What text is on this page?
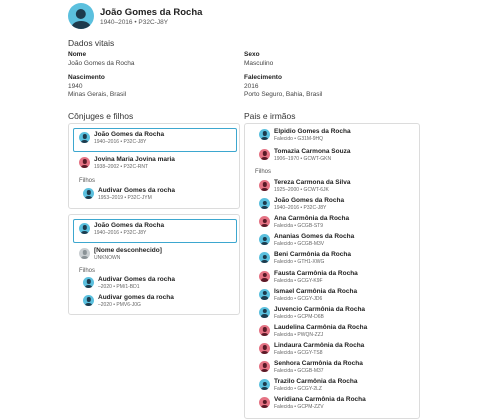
João Gomes da Rocha
1940–2016 • P32C-J8Y
Dados vitais
Nome
João Gomes da Rocha
Sexo
Masculino
Nascimento
1940
Minas Gerais, Brasil
Falecimento
2016
Porto Seguro, Bahia, Brasil
Cônjuges e filhos
João Gomes da Rocha
1940–2016 • P32C-J8Y
Jovina Maria Jovina maria
1938–2002 • P32C-RNT
Filhos
Audivar Gomes da rocha
1953–2019 • P32C-JYM
João Gomes da Rocha
1940–2016 • P32C-J8Y
[Nome desconhecido]
UNKNOWN
Filhos
Audivar Gomes da rocha
–2020 • PM/1-BD1
Audivar gomes da rocha
–2020 • PMV6-J0G
Pais e irmãos
Elpidio Gomes da Rocha
Falecido • G31M-9HQ
Tomazia Carmona Souza
1906–1970 • GCWT-GKN
Filhos
Tereza Carmona da Silva
1925–2000 • GCWT-6JK
João Gomes da Rocha
1940–2016 • P32C-J8Y
Ana Carmônia da Rocha
Falecida • GCGB-ST9
Ananias Gomes da Rocha
Falecido • GCGB-M3V
Beni Carmônia da Rocha
Falecido • GTH1-XWG
Fausta Carmônia da Rocha
Falecida • GCGY-K9F
Ismael Carmônia da Rocha
Falecido • GCGY-JD6
Juvencio Carmônia da Rocha
Falecido • GCPM-D6B
Laudelina Carmônia da Rocha
Falecida • PWQN-ZZJ
Lindaura Carmônia da Rocha
Falecida • GCGY-TS8
Senhora Carmônia da Rocha
Falecida • GCGB-M37
Trazilo Carmônia da Rocha
Falecido • GCGY-2LZ
Veridiana Carmônia da Rocha
Falecida • GCPM-ZZV
